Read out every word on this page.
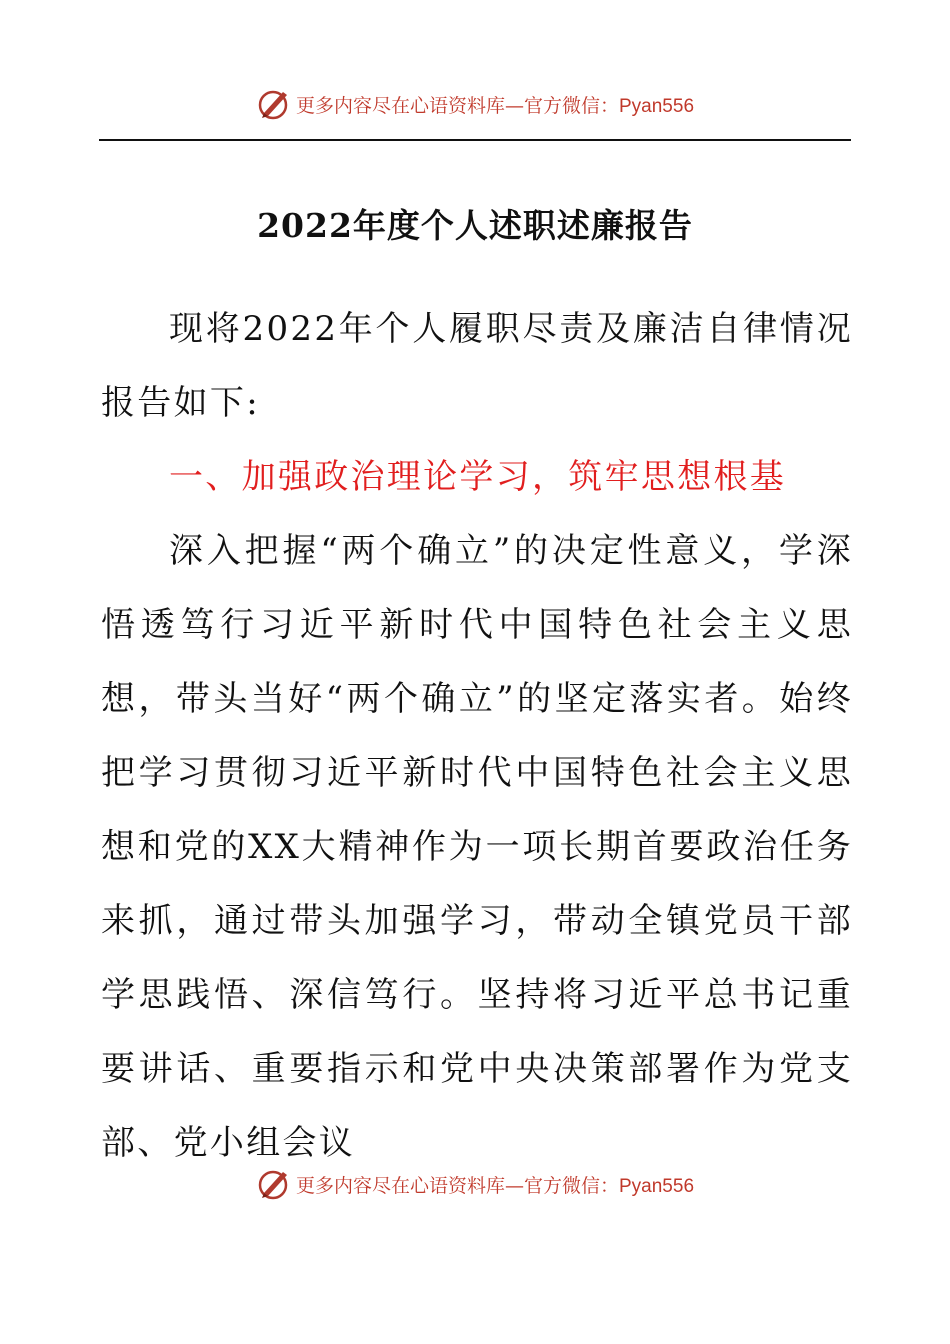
更多内容尽在心语资料库—官方微信：Pyan556
2022年度个人述职述廉报告

现将2022年个人履职尽责及廉洁自律情况报告如下:

一、加强政治理论学习，筑牢思想根基

深入把握“两个确立”的决定性意义，学深悟透笃行习近平新时代中国特色社会主义思想，带头当好“两个确立”的坚定落实者。始终把学习贯彻习近平新时代中国特色社会主义思想和党的XX大精神作为一项长期首要政治任务来抓，通过带头加强学习，带动全镇党员干部学思践悟、深信笃行。坚持将习近平总书记重要讲话、重要指示和党中央决策部署作为党支部、党小组会议

更多内容尽在心语资料库—官方微信：Pyan556
